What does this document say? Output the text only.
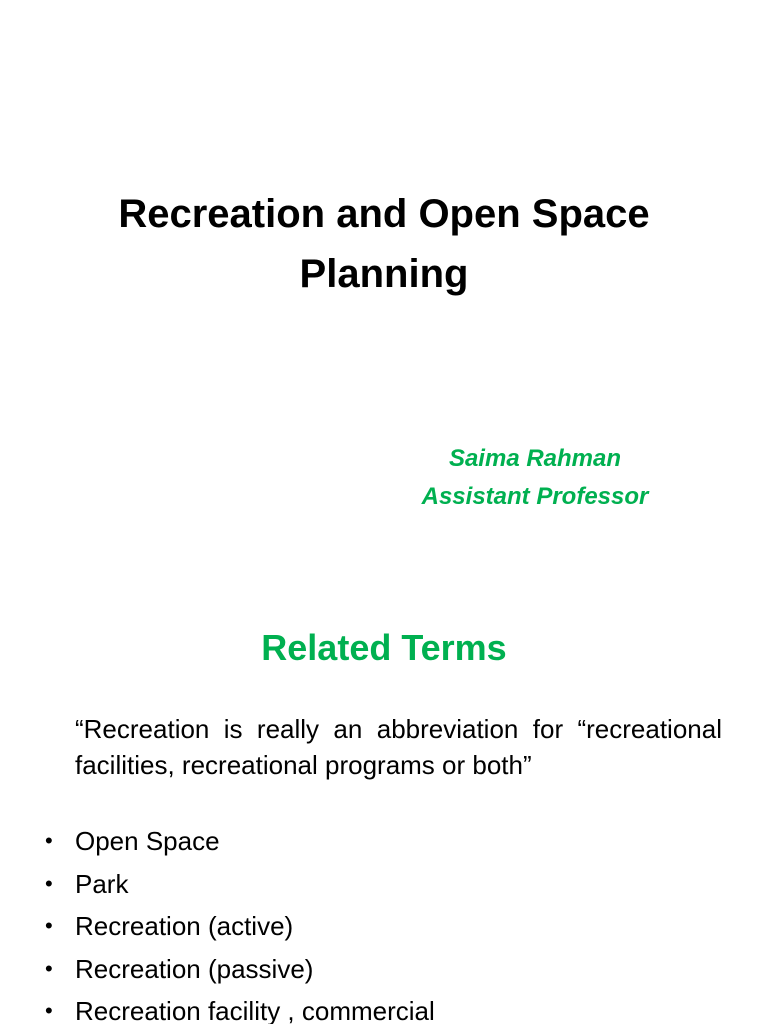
Recreation and Open Space Planning
Saima Rahman
Assistant Professor
Related Terms

“Recreation is really an abbreviation for “recreational facilities, recreational programs or both”

• Open Space
• Park
• Recreation (active)
• Recreation (passive)
• Recreation facility , commercial
